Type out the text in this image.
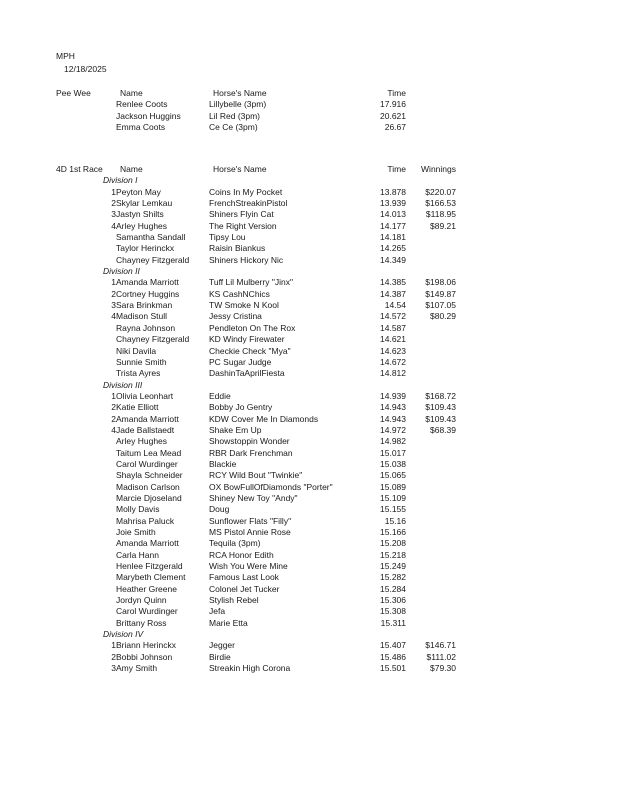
MPH
12/18/2025
Pee Wee
		Name	Horse's Name	Time	
	Renlee Coots	Lillybelle (3pm)	17.916	
	Jackson Huggins	Lil Red (3pm)	20.621	
	Emma Coots	Ce Ce (3pm)	26.67	
4D 1st Race
	Name	Horse's Name	Time	Winnings
Division I				
1	Peyton May	Coins In My Pocket	13.878	$220.07
2	Skylar Lemkau	FrenchStreakinPistol	13.939	$166.53
3	Jastyn Shilts	Shiners Flyin Cat	14.013	$118.95
4	Arley Hughes	The Right Version	14.177	$89.21
	Samantha Sandall	Tipsy Lou	14.181	
	Taylor Herinckx	Raisin Biankus	14.265	
	Chayney Fitzgerald	Shiners Hickory Nic	14.349	
Division II				
1	Amanda Marriott	Tuff Lil Mulberry "Jinx"	14.385	$198.06
2	Cortney Huggins	KS CashNChics	14.387	$149.87
3	Sara Brinkman	TW Smoke N Kool	14.54	$107.05
4	Madison Stull	Jessy Cristina	14.572	$80.29
	Rayna Johnson	Pendleton On The Rox	14.587	
	Chayney Fitzgerald	KD Windy Firewater	14.621	
	Niki Davila	Checkie Check "Mya"	14.623	
	Sunnie Smith	PC Sugar Judge	14.672	
	Trista Ayres	DashinTaAprilFiesta	14.812	
Division III				
1	Olivia Leonhart	Eddie	14.939	$168.72
2	Katie Elliott	Bobby Jo Gentry	14.943	$109.43
2	Amanda Marriott	KDW Cover Me In Diamonds	14.943	$109.43
4	Jade Ballstaedt	Shake Em Up	14.972	$68.39
	Arley Hughes	Showstoppin Wonder	14.982	
	Taitum Lea Mead	RBR Dark Frenchman	15.017	
	Carol Wurdinger	Blackie	15.038	
	Shayla Schneider	RCY Wild Bout "Twinkie"	15.065	
	Madison Carlson	OX BowFullOfDiamonds "Porter"	15.089	
	Marcie Djoseland	Shiney New Toy "Andy"	15.109	
	Molly Davis	Doug	15.155	
	Mahrisa Paluck	Sunflower Flats "Filly"	15.16	
	Joie Smith	MS Pistol Annie Rose	15.166	
	Amanda Marriott	Tequila (3pm)	15.208	
	Carla Hann	RCA Honor Edith	15.218	
	Henlee Fitzgerald	Wish You Were Mine	15.249	
	Marybeth Clement	Famous Last Look	15.282	
	Heather Greene	Colonel Jet Tucker	15.284	
	Jordyn Quinn	Stylish Rebel	15.306	
	Carol Wurdinger	Jefa	15.308	
	Brittany Ross	Marie Etta	15.311	
Division IV				
1	Briann Herinckx	Jegger	15.407	$146.71
2	Bobbi Johnson	Birdie	15.486	$111.02
3	Amy Smith	Streakin High Corona	15.501	$79.30
